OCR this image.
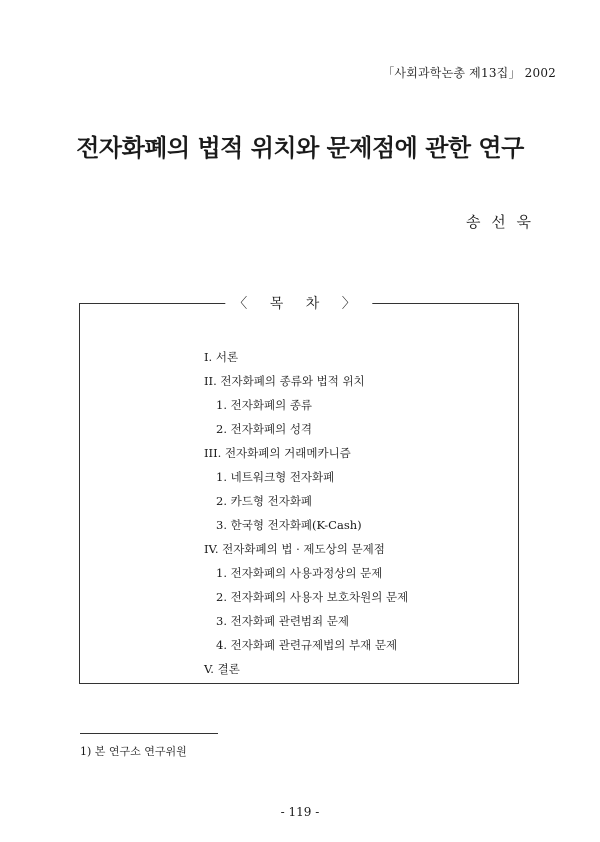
「사회과학논총 제13집」 2002
전자화폐의 법적 위치와 문제점에 관한 연구
송 선 욱
〈 목 차 〉
I. 서론
II. 전자화폐의 종류와 법적 위치
1. 전자화폐의 종류
2. 전자화폐의 성격
III. 전자화폐의 거래메카니즘
1. 네트워크형 전자화폐
2. 카드형 전자화폐
3. 한국형 전자화폐(K-Cash)
IV. 전자화폐의 법 · 제도상의 문제점
1. 전자화폐의 사용과정상의 문제
2. 전자화폐의 사용자 보호차원의 문제
3. 전자화폐 관련범죄 문제
4. 전자화폐 관련규제법의 부재 문제
V. 결론
1) 본 연구소 연구위원
- 119 -
